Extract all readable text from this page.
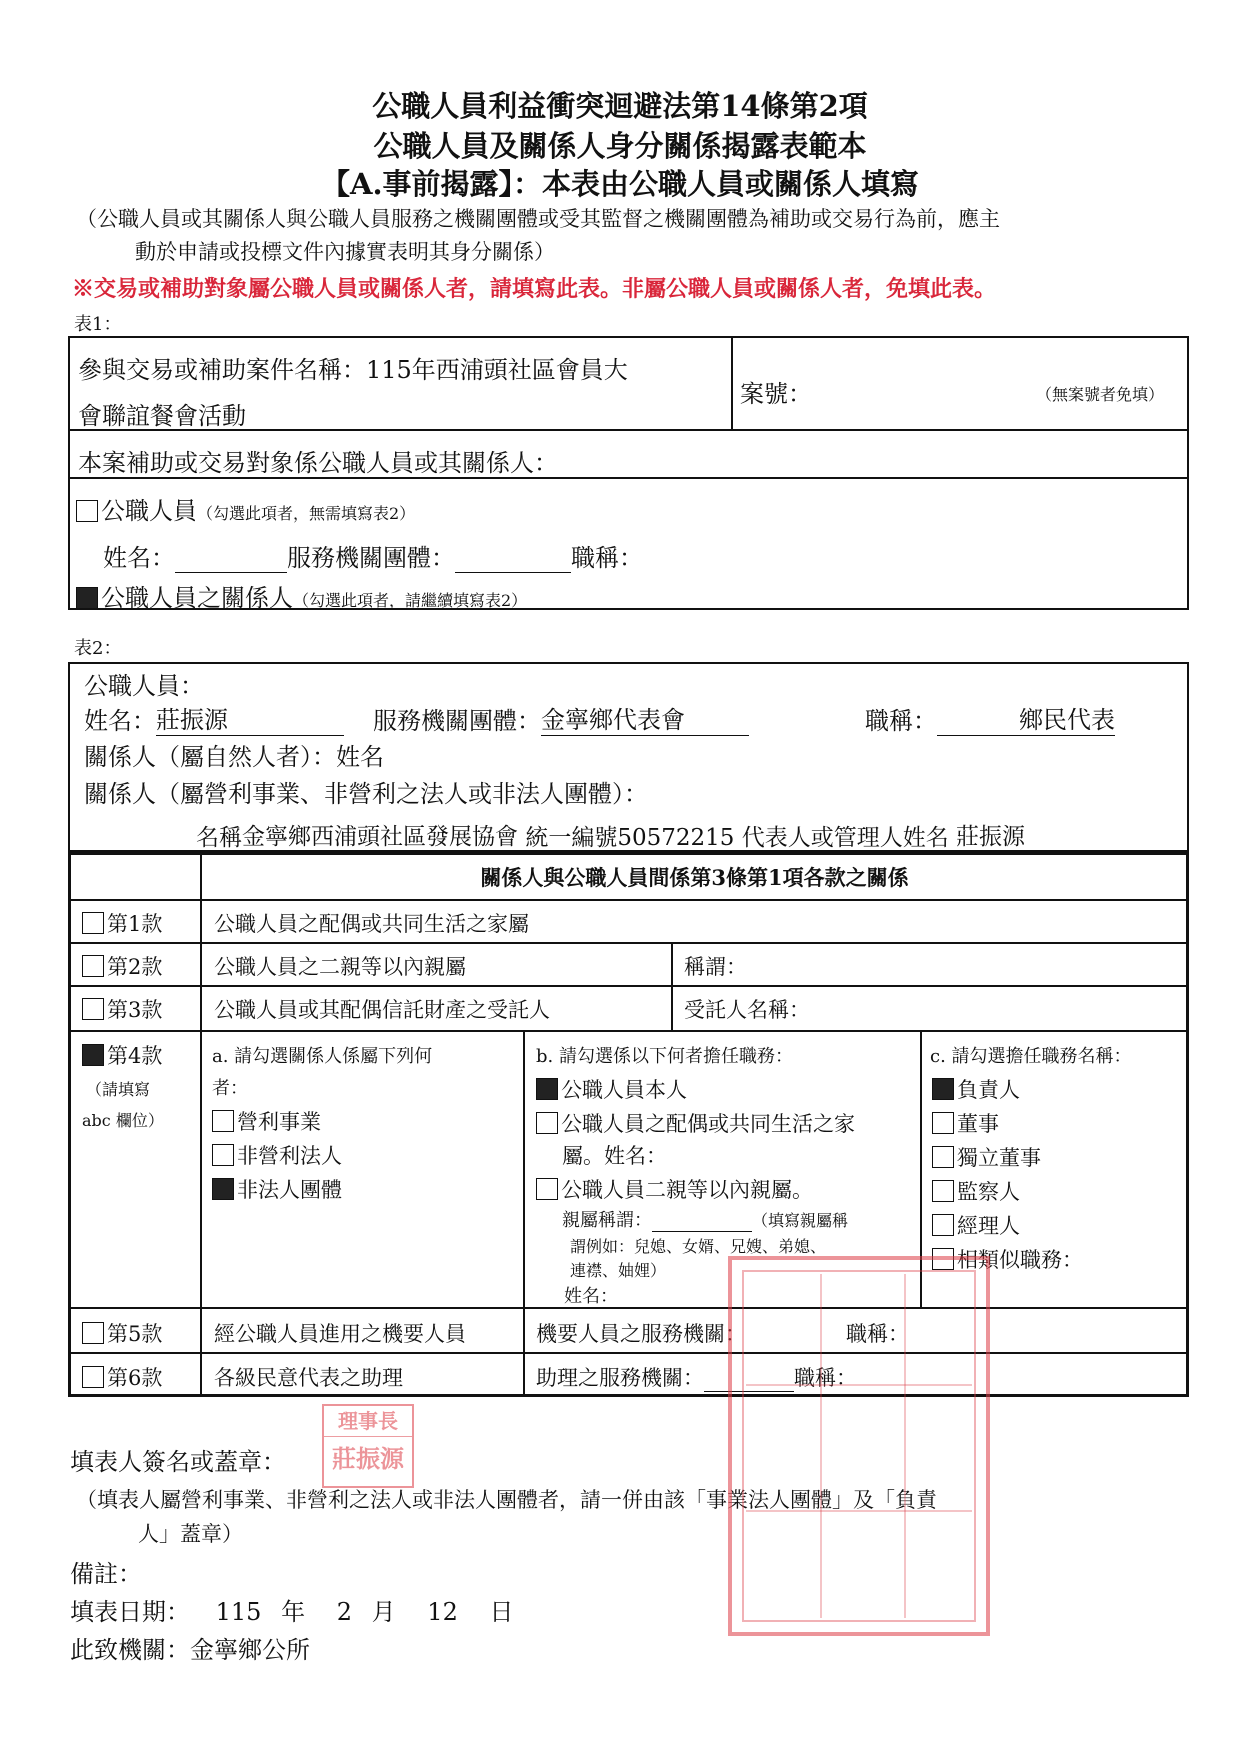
公職人員利益衝突迴避法第14條第2項
公職人員及關係人身分關係揭露表範本
【A.事前揭露】：本表由公職人員或關係人填寫
（公職人員或其關係人與公職人員服務之機關團體或受其監督之機關團體為補助或交易行為前，應主
動於申請或投標文件內據實表明其身分關係）
※交易或補助對象屬公職人員或關係人者，請填寫此表。非屬公職人員或關係人者，免填此表。
表1：
參與交易或補助案件名稱：115年西浦頭社區會員大
會聯誼餐會活動
案號：	（無案號者免填）
本案補助或交易對象係公職人員或其關係人：
公職人員（勾選此項者，無需填寫表2）
姓名：	服務機關團體：	職稱：
公職人員之關係人（勾選此項者，請繼續填寫表2）
表2：
公職人員：
姓名：莊振源	服務機關團體：金寧鄉代表會	職稱：	鄉民代表
關係人（屬自然人者）：姓名
關係人（屬營利事業、非營利之法人或非法人團體）：
名稱金寧鄉西浦頭社區發展協會 統一編號50572215 代表人或管理人姓名 莊振源
關係人與公職人員間係第3條第1項各款之關係
第1款 公職人員之配偶或共同生活之家屬
第2款 公職人員之二親等以內親屬	稱謂：
第3款 公職人員或其配偶信託財產之受託人	受託人名稱：
第4款
（請填寫
abc 欄位）
a. 請勾選關係人係屬下列何
者：
營利事業
非營利法人
非法人團體
b. 請勾選係以下何者擔任職務：
公職人員本人
公職人員之配偶或共同生活之家
屬。姓名：
公職人員二親等以內親屬。
親屬稱謂：	（填寫親屬稱
謂例如：兒媳、女婿、兄嫂、弟媳、
連襟、妯娌）
姓名：
c. 請勾選擔任職務名稱：
負責人
董事
獨立董事
監察人
經理人
相類似職務：
第5款 經公職人員進用之機要人員	機要人員之服務機關：	職稱：
第6款 各級民意代表之助理	助理之服務機關：	職稱：
填表人簽名或蓋章：
（填表人屬營利事業、非營利之法人或非法人團體者，請一併由該「事業法人團體」及「負責
人」蓋章）
備註：
填表日期： 115 年 2 月 12 日
此致機關：金寧鄉公所
理事長
莊振源
